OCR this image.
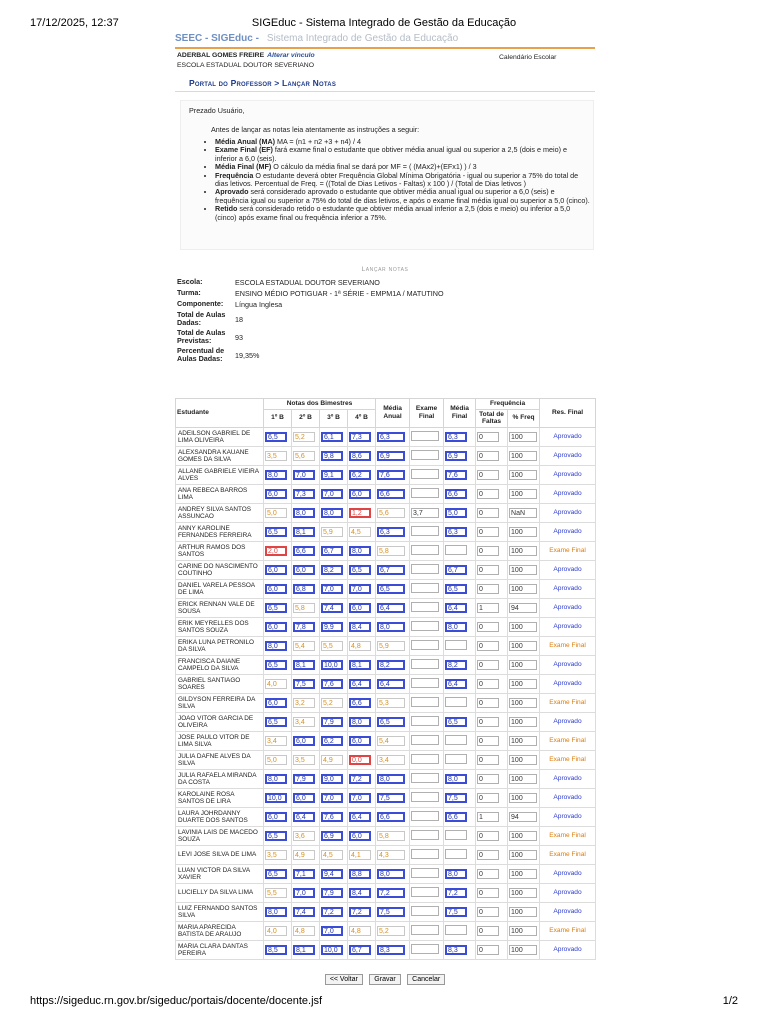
17/12/2025, 12:37	SIGEduc - Sistema Integrado de Gestão da Educação
SEEC - SIGEduc - Sistema Integrado de Gestão da Educação
ADERBAL GOMES FREIRE Alterar vínculo
ESCOLA ESTADUAL DOUTOR SEVERIANO
Calendário Escolar
Portal do Professor > Lançar Notas
Prezado Usuário,
Antes de lançar as notas leia atentamente as instruções a seguir:
• Média Anual (MA) MA = (n1 + n2 +3 + n4) / 4
• Exame Final (EF) fará exame final o estudante que obtiver média anual igual ou superior a 2,5 (dois e meio) e inferior a 6,0 (seis).
• Média Final (MF) O cálculo da média final se dará por MF = ( (MAx2)+(EFx1) ) / 3
• Frequência O estudante deverá obter Frequência Global Mínima Obrigatória - igual ou superior a 75% do total de dias letivos. Percentual de Freq. = ((Total de Dias Letivos - Faltas) x 100 ) / (Total de Dias letivos )
• Aprovado será considerado aprovado o estudante que obtiver média anual igual ou superior a 6,0 (seis) e frequência igual ou superior a 75% do total de dias letivos, e após o exame final média igual ou superior a 5,0 (cinco).
• Retido será considerado retido o estudante que obtiver média anual inferior a 2,5 (dois e meio) ou inferior a 5,0 (cinco) após exame final ou frequência inferior a 75%.
Lançar notas
Escola:	ESCOLA ESTADUAL DOUTOR SEVERIANO
Turma:	ENSINO MÉDIO POTIGUAR - 1ª SÉRIE - EMPM1A / MATUTINO
Componente:	Língua Inglesa
Total de Aulas Dadas:	18
Total de Aulas Previstas:	93
Percentual de Aulas Dadas:	19,35%
Estudante	Notas dos Bimestres				Média Anual	Exame Final	Média Final	Frequência		Res. Final
	1º B	2º B	3º B	4º B				Total de Faltas	% Freq	
ADEILSON GABRIEL DE LIMA OLIVEIRA	6,5	5,2	6,1	7,3	6,3		6,3	0	100	Aprovado
ALEXSANDRA KAUANE GOMES DA SILVA	3,5	5,6	9,8	8,6	6,9		6,9	0	100	Aprovado
ALLANE GABRIELE VIEIRA ALVES	8,0	7,0	9,1	6,2	7,6		7,6	0	100	Aprovado
ANA REBECA BARROS LIMA	6,0	7,3	7,0	6,0	6,6		6,6	0	100	Aprovado
ANDREY SILVA SANTOS ASSUNCAO	5,0	8,0	8,0	1,2	5,6	3,7	5,0	0	NaN	Aprovado
ANNY KAROLINE FERNANDES FERREIRA	6,5	8,1	5,9	4,5	6,3		6,3	0	100	Aprovado
ARTHUR RAMOS DOS SANTOS	2,0	6,6	6,7	8,0	5,8			0	100	Exame Final
CARINE DO NASCIMENTO COUTINHO	6,0	6,0	8,2	6,5	6,7		6,7	0	100	Aprovado
DANIEL VARELA PESSOA DE LIMA	6,0	6,8	7,0	7,0	6,5		6,5	0	100	Aprovado
ERICK RENNAN VALE DE SOUSA	6,5	5,8	7,4	6,0	6,4		6,4	1	94	Aprovado
ERIK MEYRELLES DOS SANTOS SOUZA	6,0	7,8	9,9	8,4	8,0		8,0	0	100	Aprovado
ERIKA LUNA PETRONILO DA SILVA	8,0	5,4	5,5	4,8	5,9			0	100	Exame Final
FRANCISCA DAIANE CAMPELO DA SILVA	6,5	8,1	10,0	8,1	8,2		8,2	0	100	Aprovado
GABRIEL SANTIAGO SOARES	4,0	7,5	7,6	6,4	6,4		6,4	0	100	Aprovado
GILDYSON FERREIRA DA SILVA	6,0	3,2	5,2	6,6	5,3			0	100	Exame Final
JOAO VITOR GARCIA DE OLIVEIRA	6,5	3,4	7,9	8,0	6,5		6,5	0	100	Aprovado
JOSE PAULO VITOR DE LIMA SILVA	3,4	6,0	6,2	6,0	5,4			0	100	Exame Final
JULIA DAFNE ALVES DA SILVA	5,0	3,5	4,9	0,0	3,4			0	100	Exame Final
JULIA RAFAELA MIRANDA DA COSTA	8,0	7,9	9,0	7,2	8,0		8,0	0	100	Aprovado
KAROLAINE ROSA SANTOS DE LIRA	10,0	6,0	7,0	7,0	7,5		7,5	0	100	Aprovado
LAURA JOHRDANNY DUARTE DOS SANTOS	6,0	6,4	7,6	6,4	6,6		6,6	1	94	Aprovado
LAVINIA LAIS DE MACEDO SOUZA	6,5	3,6	6,9	6,0	5,8			0	100	Exame Final
LEVI JOSE SILVA DE LIMA	3,5	4,9	4,5	4,1	4,3			0	100	Exame Final
LUAN VICTOR DA SILVA XAVIER	6,5	7,1	9,4	8,8	8,0		8,0	0	100	Aprovado
LUCIELLY DA SILVA LIMA	5,5	7,0	7,9	8,4	7,2		7,2	0	100	Aprovado
LUIZ FERNANDO SANTOS SILVA	8,0	7,4	7,2	7,2	7,5		7,5	0	100	Aprovado
MARIA APARECIDA BATISTA DE ARAUJO	4,0	4,8	7,0	4,8	5,2			0	100	Exame Final
MARIA CLARA DANTAS PEREIRA	8,5	8,1	10,0	6,7	8,3		8,3	0	100	Aprovado
<< Voltar Gravar Cancelar
https://sigeduc.rn.gov.br/sigeduc/portais/docente/docente.jsf	1/2
